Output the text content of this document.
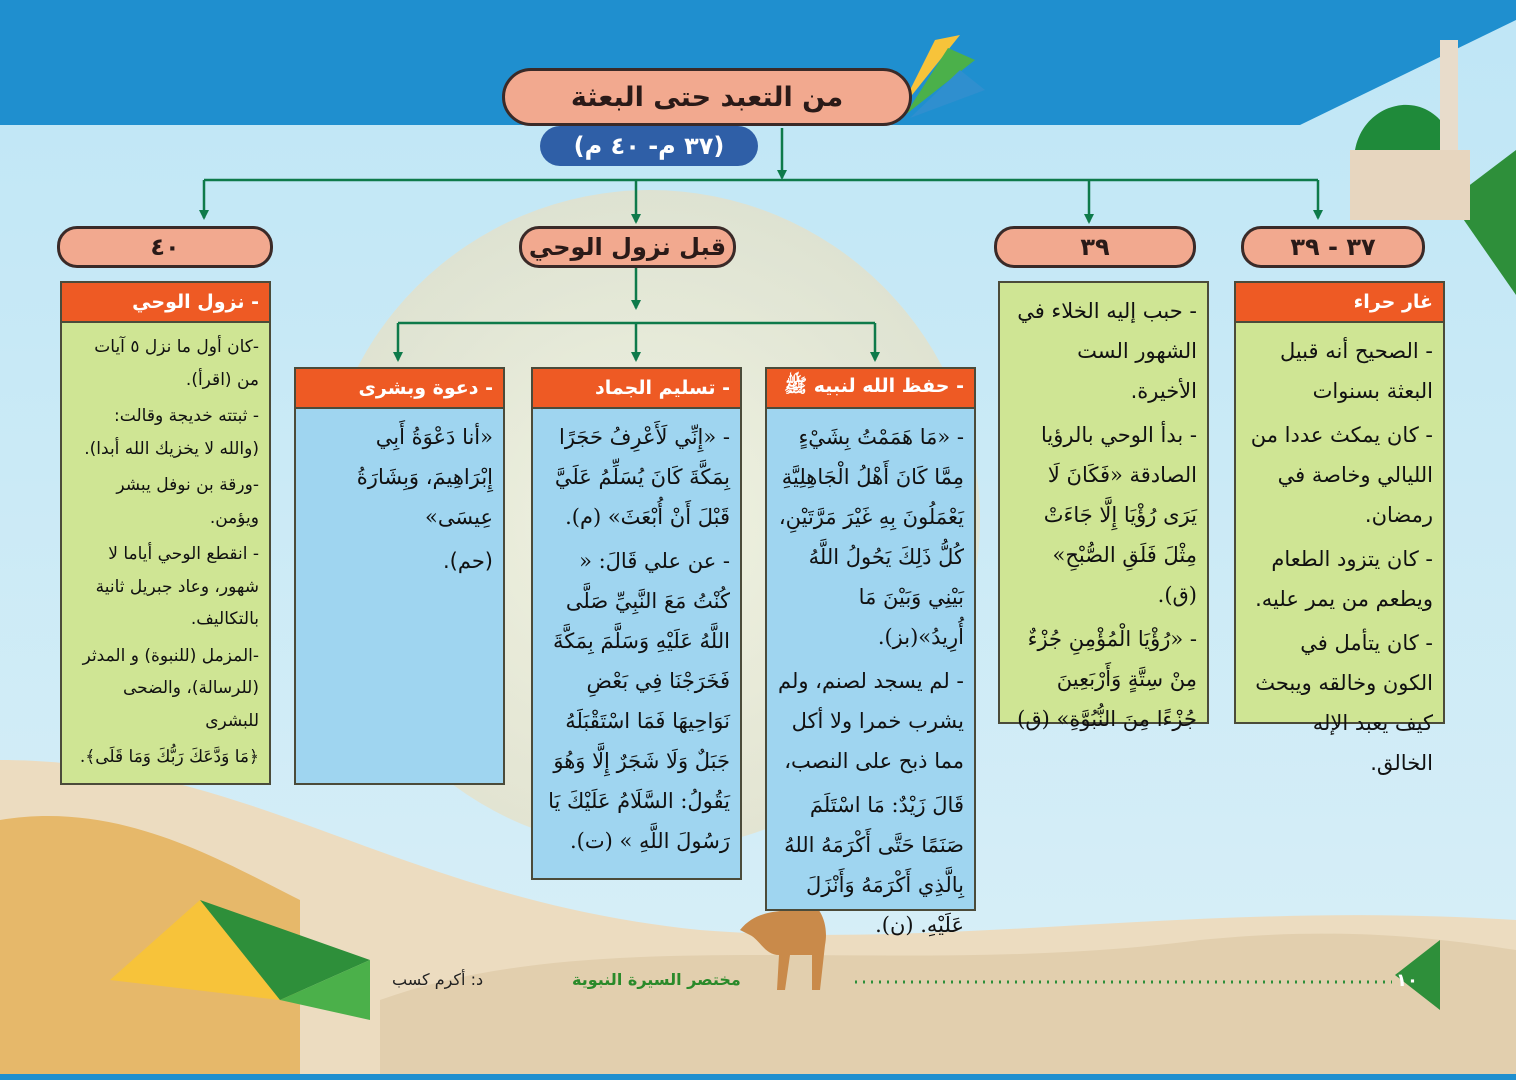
من التعبد حتى البعثة
(٣٧ م- ٤٠ م)
٣٧ - ٣٩
٣٩
قبل نزول الوحي
٤٠
غار حراء

- الصحيح أنه قبيل البعثة بسنوات

- كان يمكث عددا من الليالي وخاصة في رمضان.

- كان يتزود الطعام ويطعم من يمر عليه.

- كان يتأمل في الكون وخالقه ويبحث كيف يعبد الإله الخالق.

- حبب إليه الخلاء في الشهور الست الأخيرة.

- بدأ الوحي بالرؤيا الصادقة «فَكَانَ لَا يَرَى رُؤْيَا إِلَّا جَاءَتْ مِثْلَ فَلَقِ الصُّبْحِ» (ق).

- «رُؤْيَا الْمُؤْمِنِ جُزْءٌ مِنْ سِتَّةٍ وَأَرْبَعِينَ جُزْءًا مِنَ النُّبُوَّةِ» (ق)

- حفظ الله لنبيه ﷺ

- «مَا هَمَمْتُ بِشَيْءٍ مِمَّا كَانَ أَهْلُ الْجَاهِلِيَّةِ يَعْمَلُونَ بِهِ غَيْرَ مَرَّتَيْنِ، كُلُّ ذَلِكَ يَحُولُ اللَّهُ بَيْنِي وَبَيْنَ مَا أُرِيدُ»(بز).

- لم يسجد لصنم، ولم يشرب خمرا ولا أكل مما ذبح على النصب،

قَالَ زَيْدٌ: مَا اسْتَلَمَ صَنَمًا حَتَّى أَكْرَمَهُ اللهُ بِالَّذِي أَكْرَمَهُ وَأَنْزَلَ عَلَيْهِ. (ن).

- تسليم الجماد

- «إِنِّي لَأَعْرِفُ حَجَرًا بِمَكَّةَ كَانَ يُسَلِّمُ عَلَيَّ قَبْلَ أَنْ أُبْعَثَ» (م).

- عن علي قَالَ: « كُنْتُ مَعَ النَّبِيِّ صَلَّى اللَّهُ عَلَيْهِ وَسَلَّمَ بِمَكَّةَ فَخَرَجْنَا فِي بَعْضِ نَوَاحِيهَا فَمَا اسْتَقْبَلَهُ جَبَلٌ وَلَا شَجَرٌ إِلَّا وَهُوَ يَقُولُ: السَّلَامُ عَلَيْكَ يَا رَسُولَ اللَّهِ » (ت).

- دعوة وبشرى

«أنا دَعْوَةُ أَبِي إِبْرَاهِيمَ، وَبِشَارَةُ عِيسَى»

(حم).

- نزول الوحي

-كان أول ما نزل ٥ آيات من (اقرأ).

- ثبتته خديجة وقالت: (والله لا يخزيك الله أبدا).

-ورقة بن نوفل يبشر ويؤمن.

- انقطع الوحي أياما لا شهور، وعاد جبريل ثانية بالتكاليف.

-المزمل (للنبوة) و المدثر (للرسالة)، والضحى للبشرى

﴿مَا وَدَّعَكَ رَبُّكَ وَمَا قَلَى﴾.

د: أكرم كسب	مختصر السيرة النبوية	١٠
